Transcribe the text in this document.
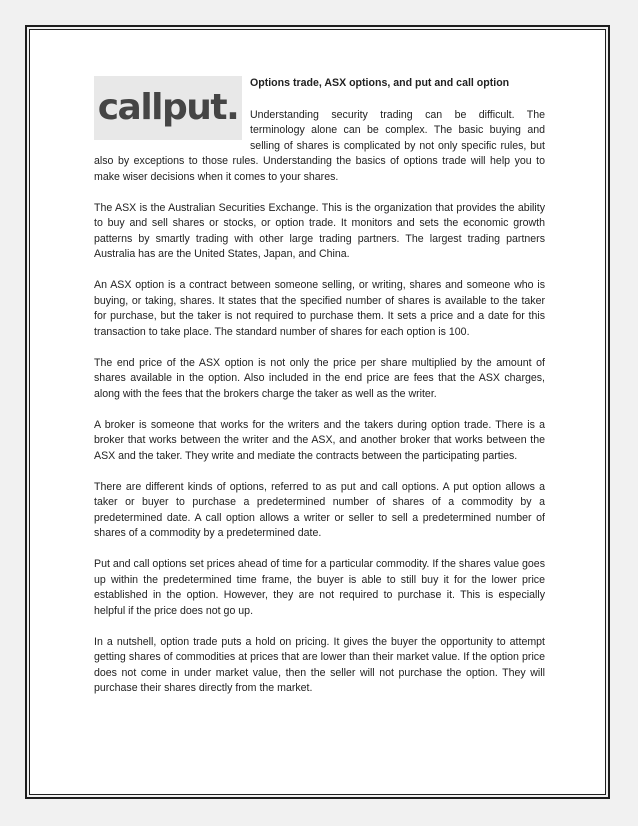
callput.
Options trade, ASX options, and put and call option

Understanding security trading can be difficult. The terminology alone can be complex. The basic buying and selling of shares is complicated by not only specific rules, but also by exceptions to those rules. Understanding the basics of options trade will help you to make wiser decisions when it comes to your shares.

The ASX is the Australian Securities Exchange. This is the organization that provides the ability to buy and sell shares or stocks, or option trade. It monitors and sets the economic growth patterns by smartly trading with other large trading partners. The largest trading partners Australia has are the United States, Japan, and China.

An ASX option is a contract between someone selling, or writing, shares and someone who is buying, or taking, shares. It states that the specified number of shares is available to the taker for purchase, but the taker is not required to purchase them. It sets a price and a date for this transaction to take place. The standard number of shares for each option is 100.

The end price of the ASX option is not only the price per share multiplied by the amount of shares available in the option. Also included in the end price are fees that the ASX charges, along with the fees that the brokers charge the taker as well as the writer.

A broker is someone that works for the writers and the takers during option trade. There is a broker that works between the writer and the ASX, and another broker that works between the ASX and the taker. They write and mediate the contracts between the participating parties.

There are different kinds of options, referred to as put and call options. A put option allows a taker or buyer to purchase a predetermined number of shares of a commodity by a predetermined date. A call option allows a writer or seller to sell a predetermined number of shares of a commodity by a predetermined date.

Put and call options set prices ahead of time for a particular commodity. If the shares value goes up within the predetermined time frame, the buyer is able to still buy it for the lower price established in the option. However, they are not required to purchase it. This is especially helpful if the price does not go up.

In a nutshell, option trade puts a hold on pricing. It gives the buyer the opportunity to attempt getting shares of commodities at prices that are lower than their market value. If the option price does not come in under market value, then the seller will not purchase the option. They will purchase their shares directly from the market.
